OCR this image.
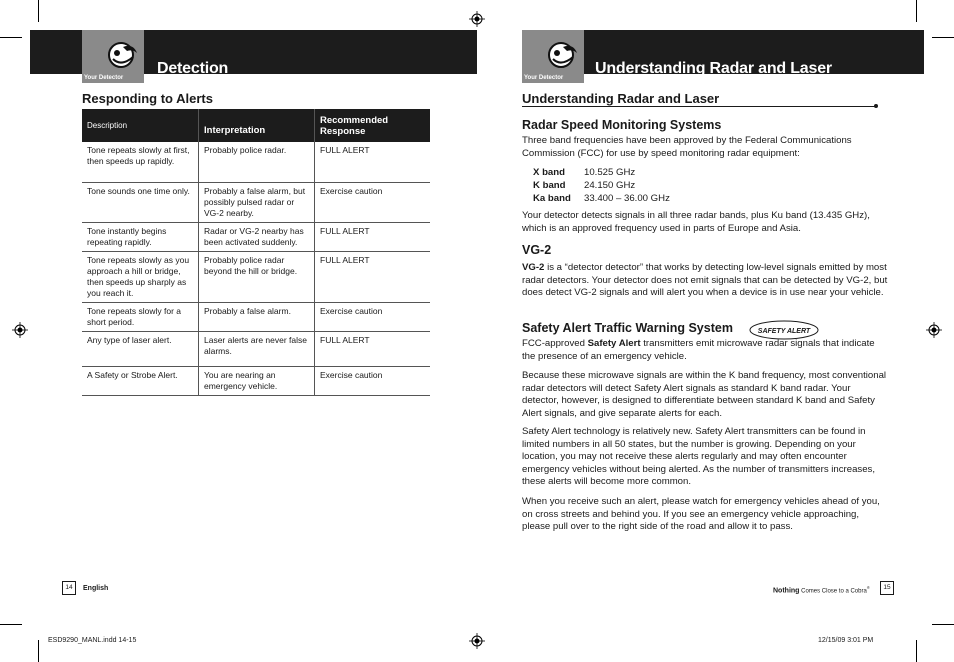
Your Detector
Detection
Your Detector
Understanding Radar and Laser
Responding to Alerts
Description	Interpretation	Recommended Response
Tone repeats slowly at first, then speeds up rapidly.	Probably police radar.	FULL ALERT
Tone sounds one time only.	Probably a false alarm, but possibly pulsed radar or VG-2 nearby.	Exercise caution
Tone instantly begins repeating rapidly.	Radar or VG-2 nearby has been activated suddenly.	FULL ALERT
Tone repeats slowly as you approach a hill or bridge, then speeds up sharply as you reach it.	Probably police radar beyond the hill or bridge.	FULL ALERT
Tone repeats slowly for a short period.	Probably a false alarm.	Exercise caution
Any type of laser alert.	Laser alerts are never false alarms.	FULL ALERT
A Safety or Strobe Alert.	You are nearing an emergency vehicle.	Exercise caution
14	English
Understanding Radar and Laser
Radar Speed Monitoring Systems
Three band frequencies have been approved by the Federal Communications Commission (FCC) for use by speed monitoring radar equipment:
X band 10.525 GHz
K band 24.150 GHz
Ka band 33.400 – 36.00 GHz
Your detector detects signals in all three radar bands, plus Ku band (13.435 GHz), which is an approved frequency used in parts of Europe and Asia.
VG-2
VG-2 is a “detector detector” that works by detecting low-level signals emitted by most radar detectors. Your detector does not emit signals that can be detected by VG-2, but does detect VG-2 signals and will alert you when a device is in use near your vehicle.
Safety Alert Traffic Warning System	SAFETY ALERT
FCC-approved Safety Alert transmitters emit microwave radar signals that indicate the presence of an emergency vehicle.
Because these microwave signals are within the K band frequency, most conventional radar detectors will detect Safety Alert signals as standard K band radar. Your detector, however, is designed to differentiate between standard K band and Safety Alert signals, and give separate alerts for each.
Safety Alert technology is relatively new. Safety Alert transmitters can be found in limited numbers in all 50 states, but the number is growing. Depending on your location, you may not receive these alerts regularly and may often encounter emergency vehicles without being alerted. As the number of transmitters increases, these alerts will become more common.
When you receive such an alert, please watch for emergency vehicles ahead of you, on cross streets and behind you. If you see an emergency vehicle approaching, please pull over to the right side of the road and allow it to pass.
Nothing Comes Close to a Cobra®	15
ESD9290_MANL.indd 14-15	12/15/09 3:01 PM
